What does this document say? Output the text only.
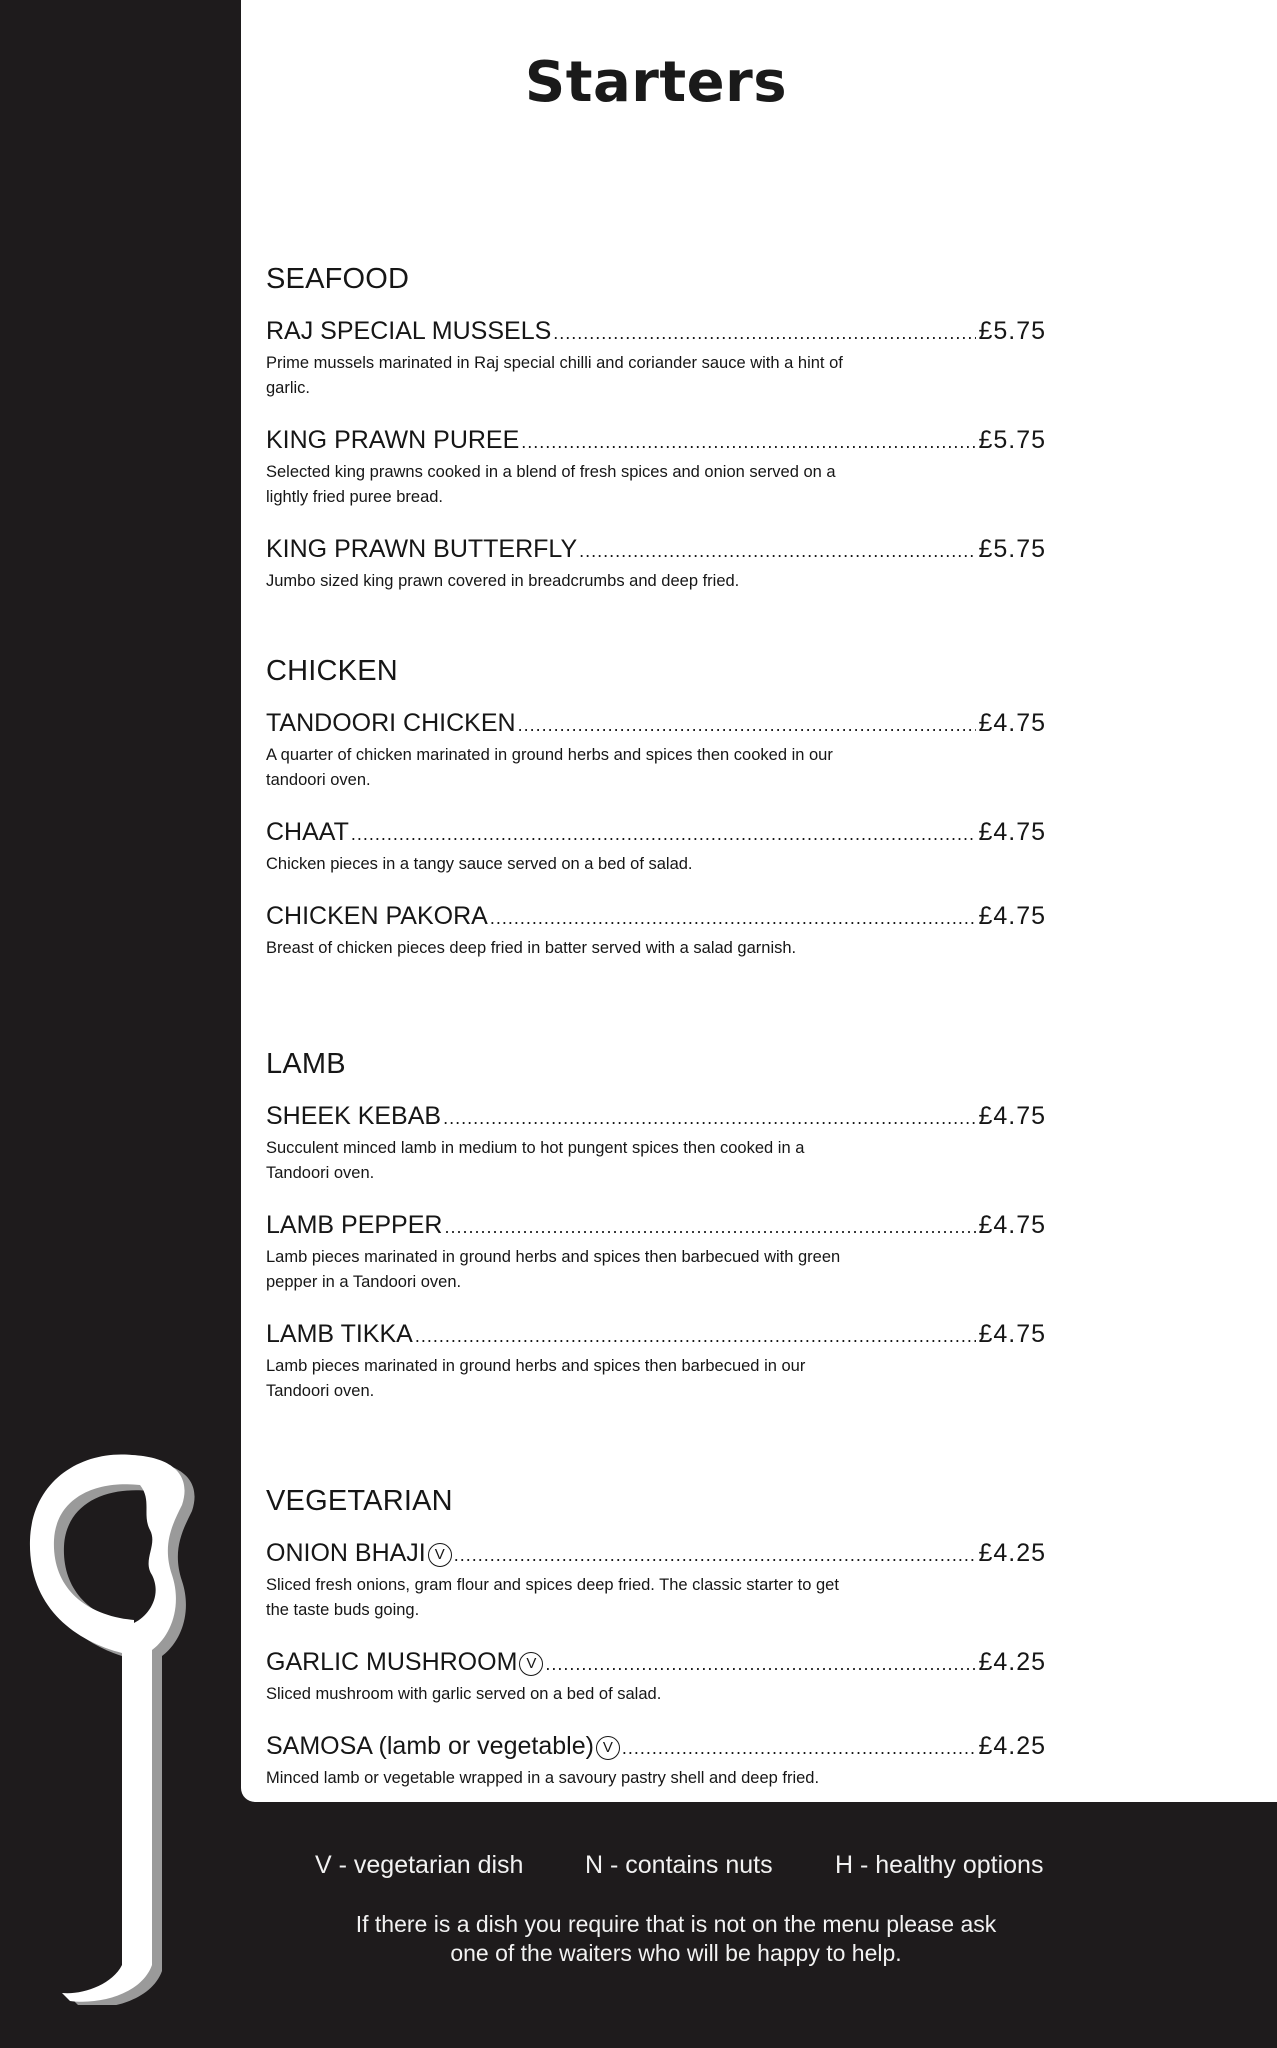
Starters
SEAFOOD
RAJ SPECIAL MUSSELS .....	£5.75
Prime mussels marinated in Raj special chilli and coriander sauce with a hint of garlic.
KING PRAWN PUREE .....	£5.75
Selected king prawns cooked in a blend of fresh spices and onion served on a lightly fried puree bread.
KING PRAWN BUTTERFLY .....	£5.75
Jumbo sized king prawn covered in breadcrumbs and deep fried.
CHICKEN
TANDOORI CHICKEN .....	£4.75
A quarter of chicken marinated in ground herbs and spices then cooked in our tandoori oven.
CHAAT .....	£4.75
Chicken pieces in a tangy sauce served on a bed of salad.
CHICKEN PAKORA .....	£4.75
Breast of chicken pieces deep fried in batter served with a salad garnish.
LAMB
SHEEK KEBAB .....	£4.75
Succulent minced lamb in medium to hot pungent spices then cooked in a Tandoori oven.
LAMB PEPPER .....	£4.75
Lamb pieces marinated in ground herbs and spices then barbecued with green pepper in a Tandoori oven.
LAMB TIKKA .....	£4.75
Lamb pieces marinated in ground herbs and spices then barbecued in our Tandoori oven.
VEGETARIAN
ONION BHAJI V .....	£4.25
Sliced fresh onions, gram flour and spices deep fried. The classic starter to get the taste buds going.
GARLIC MUSHROOM V .....	£4.25
Sliced mushroom with garlic served on a bed of salad.
SAMOSA (lamb or vegetable) V .....	£4.25
Minced lamb or vegetable wrapped in a savoury pastry shell and deep fried.
V - vegetarian dish N - contains nuts H - healthy options
If there is a dish you require that is not on the menu please ask
one of the waiters who will be happy to help.
